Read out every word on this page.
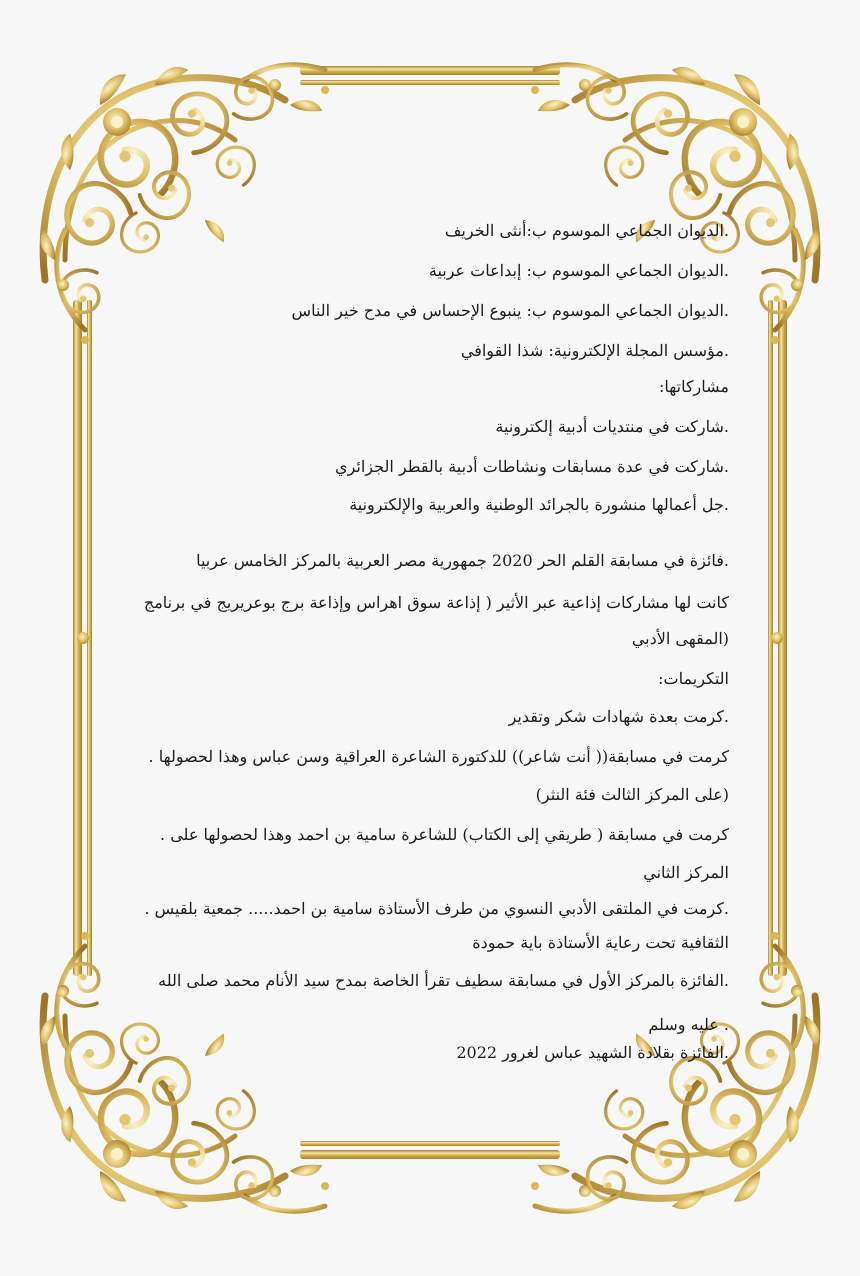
.الديوان الجماعي الموسوم ب:أنثى الخريف
.الديوان الجماعي الموسوم ب: إبداعات عربية
.الديوان الجماعي الموسوم ب: ينبوع الإحساس في مدح خير الناس
.مؤسس المجلة الإلكترونية: شذا القوافي
مشاركاتها:
.شاركت في منتديات أدبية إلكترونية
.شاركت في عدة مسابقات ونشاطات أدبية بالقطر الجزائري
.جل أعمالها منشورة بالجرائد الوطنية والعربية والإلكترونية
.فائزة في مسابقة القلم الحر 2020 جمهورية مصر العربية بالمركز الخامس عربيا
كانت لها مشاركات إذاعية عبر الأثير ( إذاعة سوق اهراس وإذاعة برج بوعريريج في برنامج
(المقهى الأدبي
التكريمات:
.كرمت بعدة شهادات شكر وتقدير
كرمت في مسابقة(( أنت شاعر)) للدكتورة الشاعرة العراقية وسن عباس وهذا لحصولها .
(على المركز الثالث فئة النثر)
كرمت في مسابقة ( طريقي إلى الكتاب) للشاعرة سامية بن احمد وهذا لحصولها على .
المركز الثاني
.كرمت في الملتقى الأدبي النسوي من طرف الأستاذة سامية بن احمد..... جمعية بلقيس .
الثقافية تحت رعاية الأستاذة باية حمودة
.الفائزة بالمركز الأول في مسابقة سطيف تقرأ الخاصة بمدح سيد الأنام محمد صلى الله
. عليه وسلم
.الفائزة بقلادة الشهيد عباس لغرور 2022
